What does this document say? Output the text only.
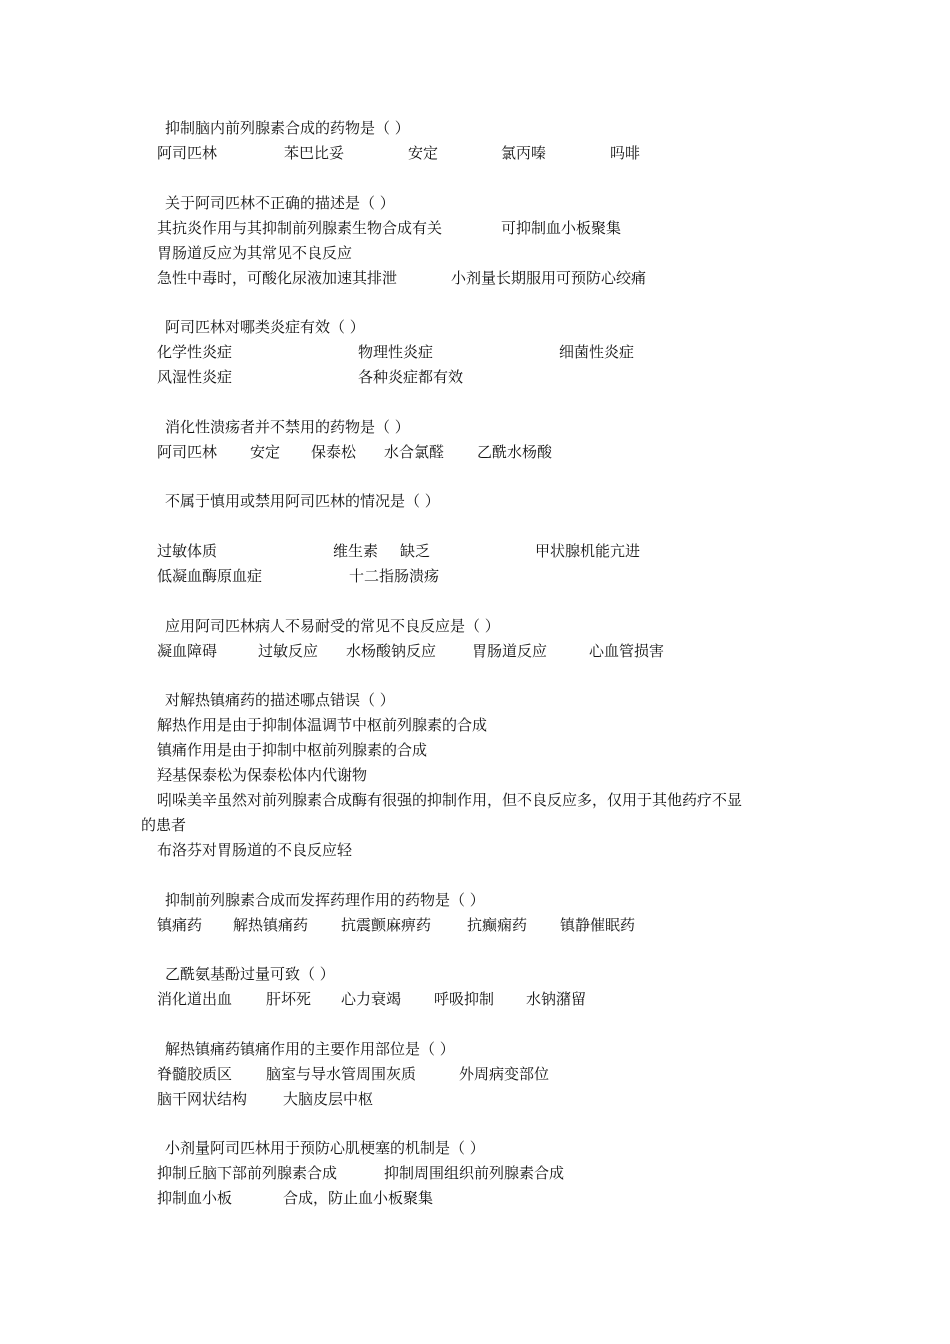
抑制脑内前列腺素合成的药物是（ ）
阿司匹林	苯巴比妥	安定	氯丙嗪	吗啡
关于阿司匹林不正确的描述是（ ）
其抗炎作用与其抑制前列腺素生物合成有关	可抑制血小板聚集
胃肠道反应为其常见不良反应
急性中毒时，可酸化尿液加速其排泄	小剂量长期服用可预防心绞痛
阿司匹林对哪类炎症有效（ ）
化学性炎症	物理性炎症	细菌性炎症
风湿性炎症	各种炎症都有效
消化性溃疡者并不禁用的药物是（ ）
阿司匹林 安定 保泰松 水合氯醛 乙酰水杨酸
不属于慎用或禁用阿司匹林的情况是（ ）
过敏体质	维生素 缺乏	甲状腺机能亢进
低凝血酶原血症	十二指肠溃疡
应用阿司匹林病人不易耐受的常见不良反应是（ ）
凝血障碍	过敏反应 水杨酸钠反应 胃肠道反应	心血管损害
对解热镇痛药的描述哪点错误（ ）
解热作用是由于抑制体温调节中枢前列腺素的合成
镇痛作用是由于抑制中枢前列腺素的合成
羟基保泰松为保泰松体内代谢物
吲哚美辛虽然对前列腺素合成酶有很强的抑制作用，但不良反应多，仅用于其他药疗不显
的患者
布洛芬对胃肠道的不良反应轻
抑制前列腺素合成而发挥药理作用的药物是（ ）
镇痛药 解热镇痛药 抗震颤麻痹药 抗癫痫药 镇静催眠药
乙酰氨基酚过量可致（ ）
消化道出血 肝坏死 心力衰竭 呼吸抑制 水钠潴留
解热镇痛药镇痛作用的主要作用部位是（ ）
脊髓胶质区 脑室与导水管周围灰质	外周病变部位
脑干网状结构 大脑皮层中枢
小剂量阿司匹林用于预防心肌梗塞的机制是（ ）
抑制丘脑下部前列腺素合成	抑制周围组织前列腺素合成
抑制血小板	合成，防止血小板聚集
